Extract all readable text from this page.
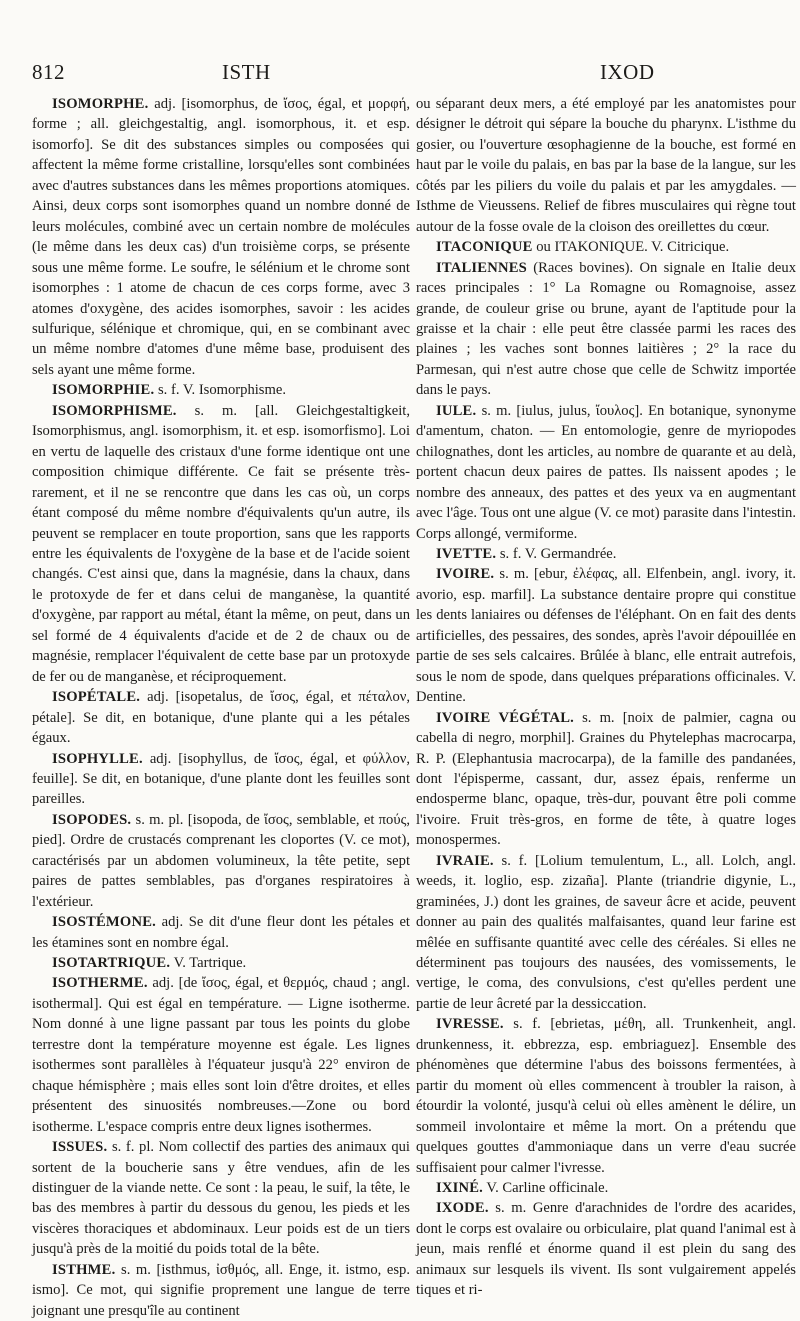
812	ISTH	IXOD

ISOMORPHE. adj. [isomorphus, de ἴσος, égal, et μορφή, forme ; all. gleichgestaltig, angl. isomorphous, it. et esp. isomorfo]. Se dit des substances simples ou composées qui affectent la même forme cristalline, lorsqu'elles sont combinées avec d'autres substances dans les mêmes proportions atomiques. Ainsi, deux corps sont isomorphes quand un nombre donné de leurs molécules, combiné avec un certain nombre de molécules (le même dans les deux cas) d'un troisième corps, se présente sous une même forme. Le soufre, le sélénium et le chrome sont isomorphes : 1 atome de chacun de ces corps forme, avec 3 atomes d'oxygène, des acides isomorphes, savoir : les acides sulfurique, sélénique et chromique, qui, en se combinant avec un même nombre d'atomes d'une même base, produisent des sels ayant une même forme.

ISOMORPHIE. s. f. V. Isomorphisme.

ISOMORPHISME. s. m. [all. Gleichgestaltigkeit, Isomorphismus, angl. isomorphism, it. et esp. isomorfismo]. Loi en vertu de laquelle des cristaux d'une forme identique ont une composition chimique différente. Ce fait se présente très-rarement, et il ne se rencontre que dans les cas où, un corps étant composé du même nombre d'équivalents qu'un autre, ils peuvent se remplacer en toute proportion, sans que les rapports entre les équivalents de l'oxygène de la base et de l'acide soient changés. C'est ainsi que, dans la magnésie, dans la chaux, dans le protoxyde de fer et dans celui de manganèse, la quantité d'oxygène, par rapport au métal, étant la même, on peut, dans un sel formé de 4 équivalents d'acide et de 2 de chaux ou de magnésie, remplacer l'équivalent de cette base par un protoxyde de fer ou de manganèse, et réciproquement.

ISOPÉTALE. adj. [isopetalus, de ἴσος, égal, et πέταλον, pétale]. Se dit, en botanique, d'une plante qui a les pétales égaux.

ISOPHYLLE. adj. [isophyllus, de ἴσος, égal, et φύλλον, feuille]. Se dit, en botanique, d'une plante dont les feuilles sont pareilles.

ISOPODES. s. m. pl. [isopoda, de ἴσος, semblable, et πούς, pied]. Ordre de crustacés comprenant les cloportes (V. ce mot), caractérisés par un abdomen volumineux, la tête petite, sept paires de pattes semblables, pas d'organes respiratoires à l'extérieur.

ISOSTÉMONE. adj. Se dit d'une fleur dont les pétales et les étamines sont en nombre égal.

ISOTARTRIQUE. V. Tartrique.

ISOTHERME. adj. [de ἴσος, égal, et θερμός, chaud ; angl. isothermal]. Qui est égal en température. — Ligne isotherme. Nom donné à une ligne passant par tous les points du globe terrestre dont la température moyenne est égale. Les lignes isothermes sont parallèles à l'équateur jusqu'à 22° environ de chaque hémisphère ; mais elles sont loin d'être droites, et elles présentent des sinuosités nombreuses.—Zone ou bord isotherme. L'espace compris entre deux lignes isothermes.

ISSUES. s. f. pl. Nom collectif des parties des animaux qui sortent de la boucherie sans y être vendues, afin de les distinguer de la viande nette. Ce sont : la peau, le suif, la tête, le bas des membres à partir du dessous du genou, les pieds et les viscères thoraciques et abdominaux. Leur poids est de un tiers jusqu'à près de la moitié du poids total de la bête.

ISTHME. s. m. [isthmus, ἰσθμός, all. Enge, it. istmo, esp. ismo]. Ce mot, qui signifie proprement une langue de terre joignant une presqu'île au continent

ou séparant deux mers, a été employé par les anatomistes pour désigner le détroit qui sépare la bouche du pharynx. L'isthme du gosier, ou l'ouverture œsophagienne de la bouche, est formé en haut par le voile du palais, en bas par la base de la langue, sur les côtés par les piliers du voile du palais et par les amygdales. — Isthme de Vieussens. Relief de fibres musculaires qui règne tout autour de la fosse ovale de la cloison des oreillettes du cœur.

ITACONIQUE ou ITAKONIQUE. V. Citricique.

ITALIENNES (Races bovines). On signale en Italie deux races principales : 1° La Romagne ou Romagnoise, assez grande, de couleur grise ou brune, ayant de l'aptitude pour la graisse et la chair : elle peut être classée parmi les races des plaines ; les vaches sont bonnes laitières ; 2° la race du Parmesan, qui n'est autre chose que celle de Schwitz importée dans le pays.

IULE. s. m. [iulus, julus, ἴουλος]. En botanique, synonyme d'amentum, chaton. — En entomologie, genre de myriopodes chilognathes, dont les articles, au nombre de quarante et au delà, portent chacun deux paires de pattes. Ils naissent apodes ; le nombre des anneaux, des pattes et des yeux va en augmentant avec l'âge. Tous ont une algue (V. ce mot) parasite dans l'intestin. Corps allongé, vermiforme.

IVETTE. s. f. V. Germandrée.

IVOIRE. s. m. [ebur, ἐλέφας, all. Elfenbein, angl. ivory, it. avorio, esp. marfil]. La substance dentaire propre qui constitue les dents laniaires ou défenses de l'éléphant. On en fait des dents artificielles, des pessaires, des sondes, après l'avoir dépouillée en partie de ses sels calcaires. Brûlée à blanc, elle entrait autrefois, sous le nom de spode, dans quelques préparations officinales. V. Dentine.

IVOIRE VÉGÉTAL. s. m. [noix de palmier, cagna ou cabella di negro, morphil]. Graines du Phytelephas macrocarpa, R. P. (Elephantusia macrocarpa), de la famille des pandanées, dont l'épisperme, cassant, dur, assez épais, renferme un endosperme blanc, opaque, très-dur, pouvant être poli comme l'ivoire. Fruit très-gros, en forme de tête, à quatre loges monospermes.

IVRAIE. s. f. [Lolium temulentum, L., all. Lolch, angl. weeds, it. loglio, esp. zizaña]. Plante (triandrie digynie, L., graminées, J.) dont les graines, de saveur âcre et acide, peuvent donner au pain des qualités malfaisantes, quand leur farine est mêlée en suffisante quantité avec celle des céréales. Si elles ne déterminent pas toujours des nausées, des vomissements, le vertige, le coma, des convulsions, c'est qu'elles perdent une partie de leur âcreté par la dessiccation.

IVRESSE. s. f. [ebrietas, μέθη, all. Trunkenheit, angl. drunkenness, it. ebbrezza, esp. embriaguez]. Ensemble des phénomènes que détermine l'abus des boissons fermentées, à partir du moment où elles commencent à troubler la raison, à étourdir la volonté, jusqu'à celui où elles amènent le délire, un sommeil involontaire et même la mort. On a prétendu que quelques gouttes d'ammoniaque dans un verre d'eau sucrée suffisaient pour calmer l'ivresse.

IXINÉ. V. Carline officinale.

IXODE. s. m. Genre d'arachnides de l'ordre des acarides, dont le corps est ovalaire ou orbiculaire, plat quand l'animal est à jeun, mais renflé et énorme quand il est plein du sang des animaux sur lesquels ils vivent. Ils sont vulgairement appelés tiques et ri-
